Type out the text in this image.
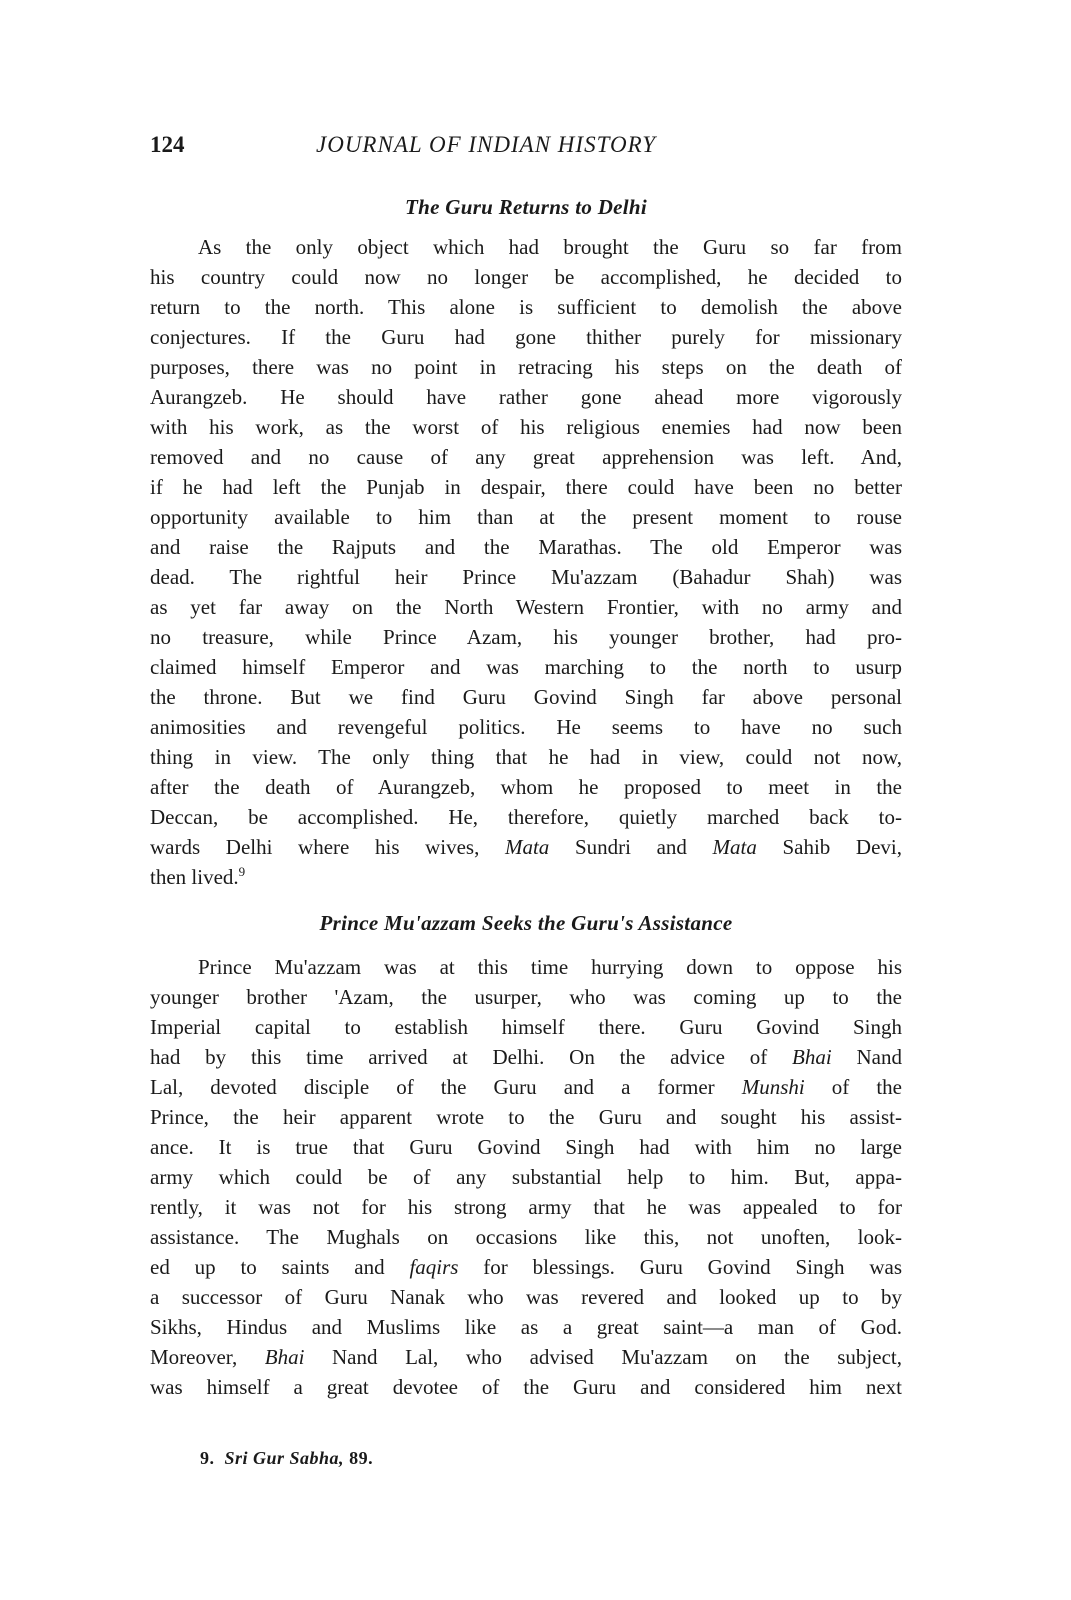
124	JOURNAL OF INDIAN HISTORY
The Guru Returns to Delhi

As the only object which had brought the Guru so far from
his country could now no longer be accomplished, he decided to
return to the north. This alone is sufficient to demolish the above
conjectures. If the Guru had gone thither purely for missionary
purposes, there was no point in retracing his steps on the death of
Aurangzeb. He should have rather gone ahead more vigorously
with his work, as the worst of his religious enemies had now been
removed and no cause of any great apprehension was left. And,
if he had left the Punjab in despair, there could have been no better
opportunity available to him than at the present moment to rouse
and raise the Rajputs and the Marathas. The old Emperor was
dead. The rightful heir Prince Mu'azzam (Bahadur Shah) was
as yet far away on the North Western Frontier, with no army and
no treasure, while Prince Azam, his younger brother, had pro-
claimed himself Emperor and was marching to the north to usurp
the throne. But we find Guru Govind Singh far above personal
animosities and revengeful politics. He seems to have no such
thing in view. The only thing that he had in view, could not now,
after the death of Aurangzeb, whom he proposed to meet in the
Deccan, be accomplished. He, therefore, quietly marched back to-
wards Delhi where his wives, Mata Sundri and Mata Sahib Devi,
then lived.$^9$

Prince Mu'azzam Seeks the Guru's Assistance

Prince Mu'azzam was at this time hurrying down to oppose his
younger brother 'Azam, the usurper, who was coming up to the
Imperial capital to establish himself there. Guru Govind Singh
had by this time arrived at Delhi. On the advice of Bhai Nand
Lal, devoted disciple of the Guru and a former Munshi of the
Prince, the heir apparent wrote to the Guru and sought his assist-
ance. It is true that Guru Govind Singh had with him no large
army which could be of any substantial help to him. But, appa-
rently, it was not for his strong army that he was appealed to for
assistance. The Mughals on occasions like this, not unoften, look-
ed up to saints and faqirs for blessings. Guru Govind Singh was
a successor of Guru Nanak who was revered and looked up to by
Sikhs, Hindus and Muslims like as a great saint—a man of God.
Moreover, Bhai Nand Lal, who advised Mu'azzam on the subject,
was himself a great devotee of the Guru and considered him next

9. Sri Gur Sabha, 89.
